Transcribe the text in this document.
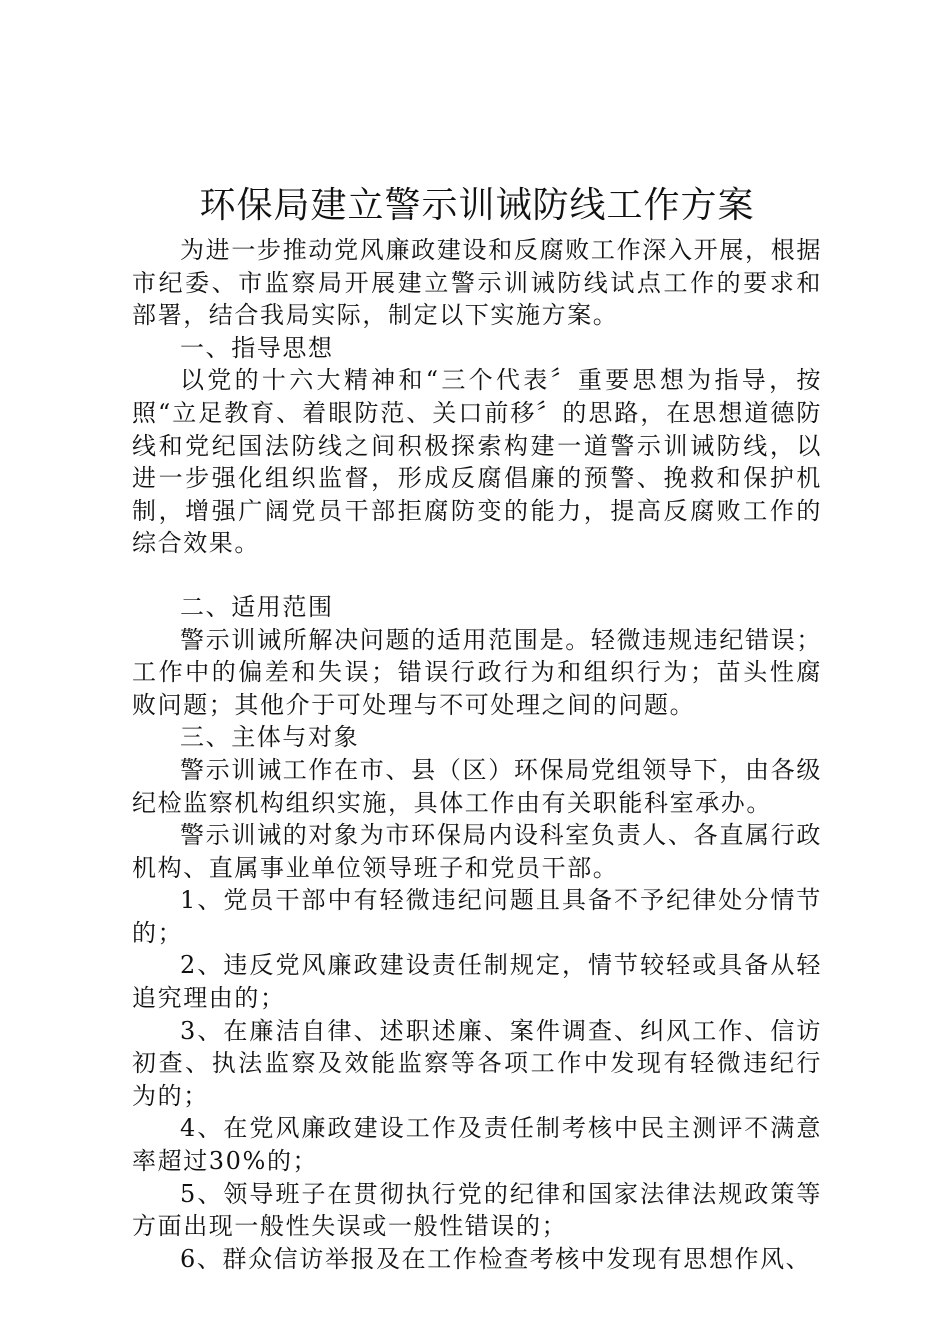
环保局建立警示训诫防线工作方案

为进一步推动党风廉政建设和反腐败工作深入开展，根据市纪委、市监察局开展建立警示训诫防线试点工作的要求和部署，结合我局实际，制定以下实施方案。

一、指导思想

以党的十六大精神和“三个代表〞重要思想为指导，按照“立足教育、着眼防范、关口前移〞的思路，在思想道德防线和党纪国法防线之间积极探索构建一道警示训诫防线，以进一步强化组织监督，形成反腐倡廉的预警、挽救和保护机制，增强广阔党员干部拒腐防变的能力，提高反腐败工作的综合效果。

二、适用范围

警示训诫所解决问题的适用范围是。轻微违规违纪错误；工作中的偏差和失误；错误行政行为和组织行为；苗头性腐败问题；其他介于可处理与不可处理之间的问题。

三、主体与对象

警示训诫工作在市、县（区）环保局党组领导下，由各级纪检监察机构组织实施，具体工作由有关职能科室承办。

警示训诫的对象为市环保局内设科室负责人、各直属行政机构、直属事业单位领导班子和党员干部。

1、党员干部中有轻微违纪问题且具备不予纪律处分情节的；

2、违反党风廉政建设责任制规定，情节较轻或具备从轻追究理由的；

3、在廉洁自律、述职述廉、案件调查、纠风工作、信访初查、执法监察及效能监察等各项工作中发现有轻微违纪行为的；

4、在党风廉政建设工作及责任制考核中民主测评不满意率超过30%的；

5、领导班子在贯彻执行党的纪律和国家法律法规政策等方面出现一般性失误或一般性错误的；

6、群众信访举报及在工作检查考核中发现有思想作风、
